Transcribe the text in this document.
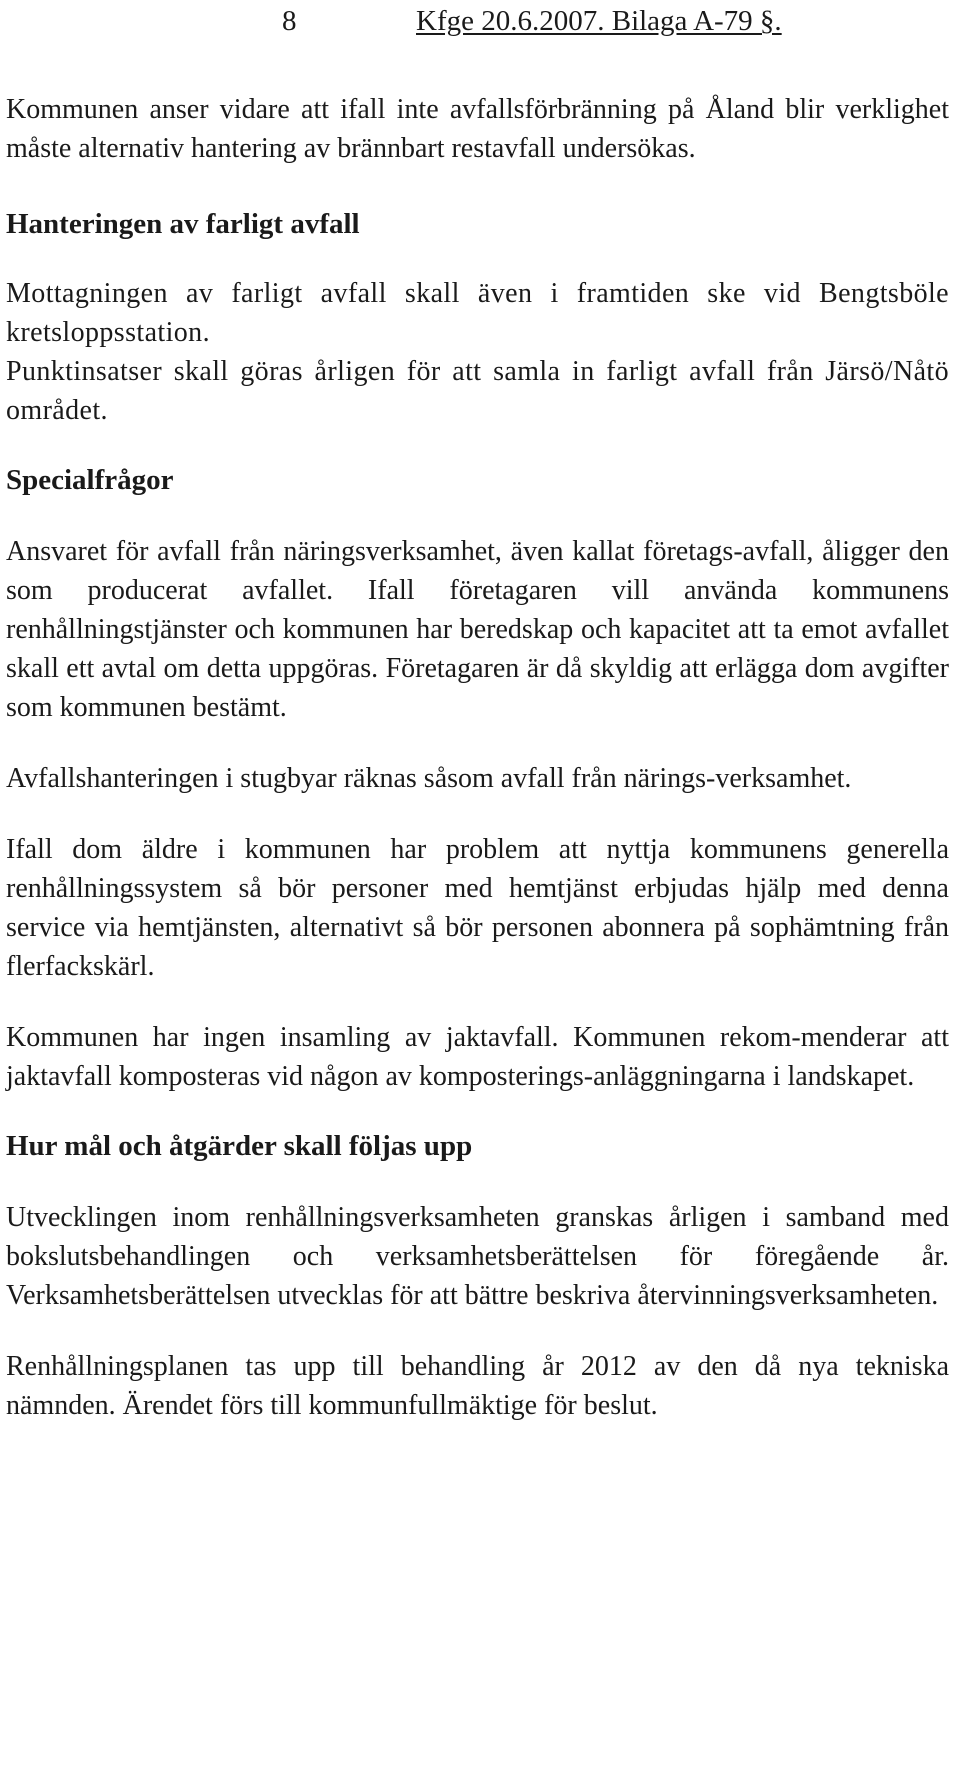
8	Kfge 20.6.2007. Bilaga A-79 §.

Kommunen anser vidare att ifall inte avfallsförbränning på Åland blir verklighet måste alternativ hantering av brännbart restavfall undersökas.

Hanteringen av farligt avfall

Mottagningen av farligt avfall skall även i framtiden ske vid Bengtsböle kretsloppsstation.

Punktinsatser skall göras årligen för att samla in farligt avfall från Järsö/Nåtö området.

Specialfrågor

Ansvaret för avfall från näringsverksamhet, även kallat företags-avfall, åligger den som producerat avfallet. Ifall företagaren vill använda kommunens renhållningstjänster och kommunen har beredskap och kapacitet att ta emot avfallet skall ett avtal om detta uppgöras. Företagaren är då skyldig att erlägga dom avgifter som kommunen bestämt.

Avfallshanteringen i stugbyar räknas såsom avfall från närings-verksamhet.

Ifall dom äldre i kommunen har problem att nyttja kommunens generella renhållningssystem så bör personer med hemtjänst erbjudas hjälp med denna service via hemtjänsten, alternativt så bör personen abonnera på sophämtning från flerfackskärl.

Kommunen har ingen insamling av jaktavfall. Kommunen rekom-menderar att jaktavfall komposteras vid någon av komposterings-anläggningarna i landskapet.

Hur mål och åtgärder skall följas upp

Utvecklingen inom renhållningsverksamheten granskas årligen i samband med bokslutsbehandlingen och verksamhetsberättelsen för föregående år. Verksamhetsberättelsen utvecklas för att bättre beskriva återvinningsverksamheten.

Renhållningsplanen tas upp till behandling år 2012 av den då nya tekniska nämnden. Ärendet förs till kommunfullmäktige för beslut.
